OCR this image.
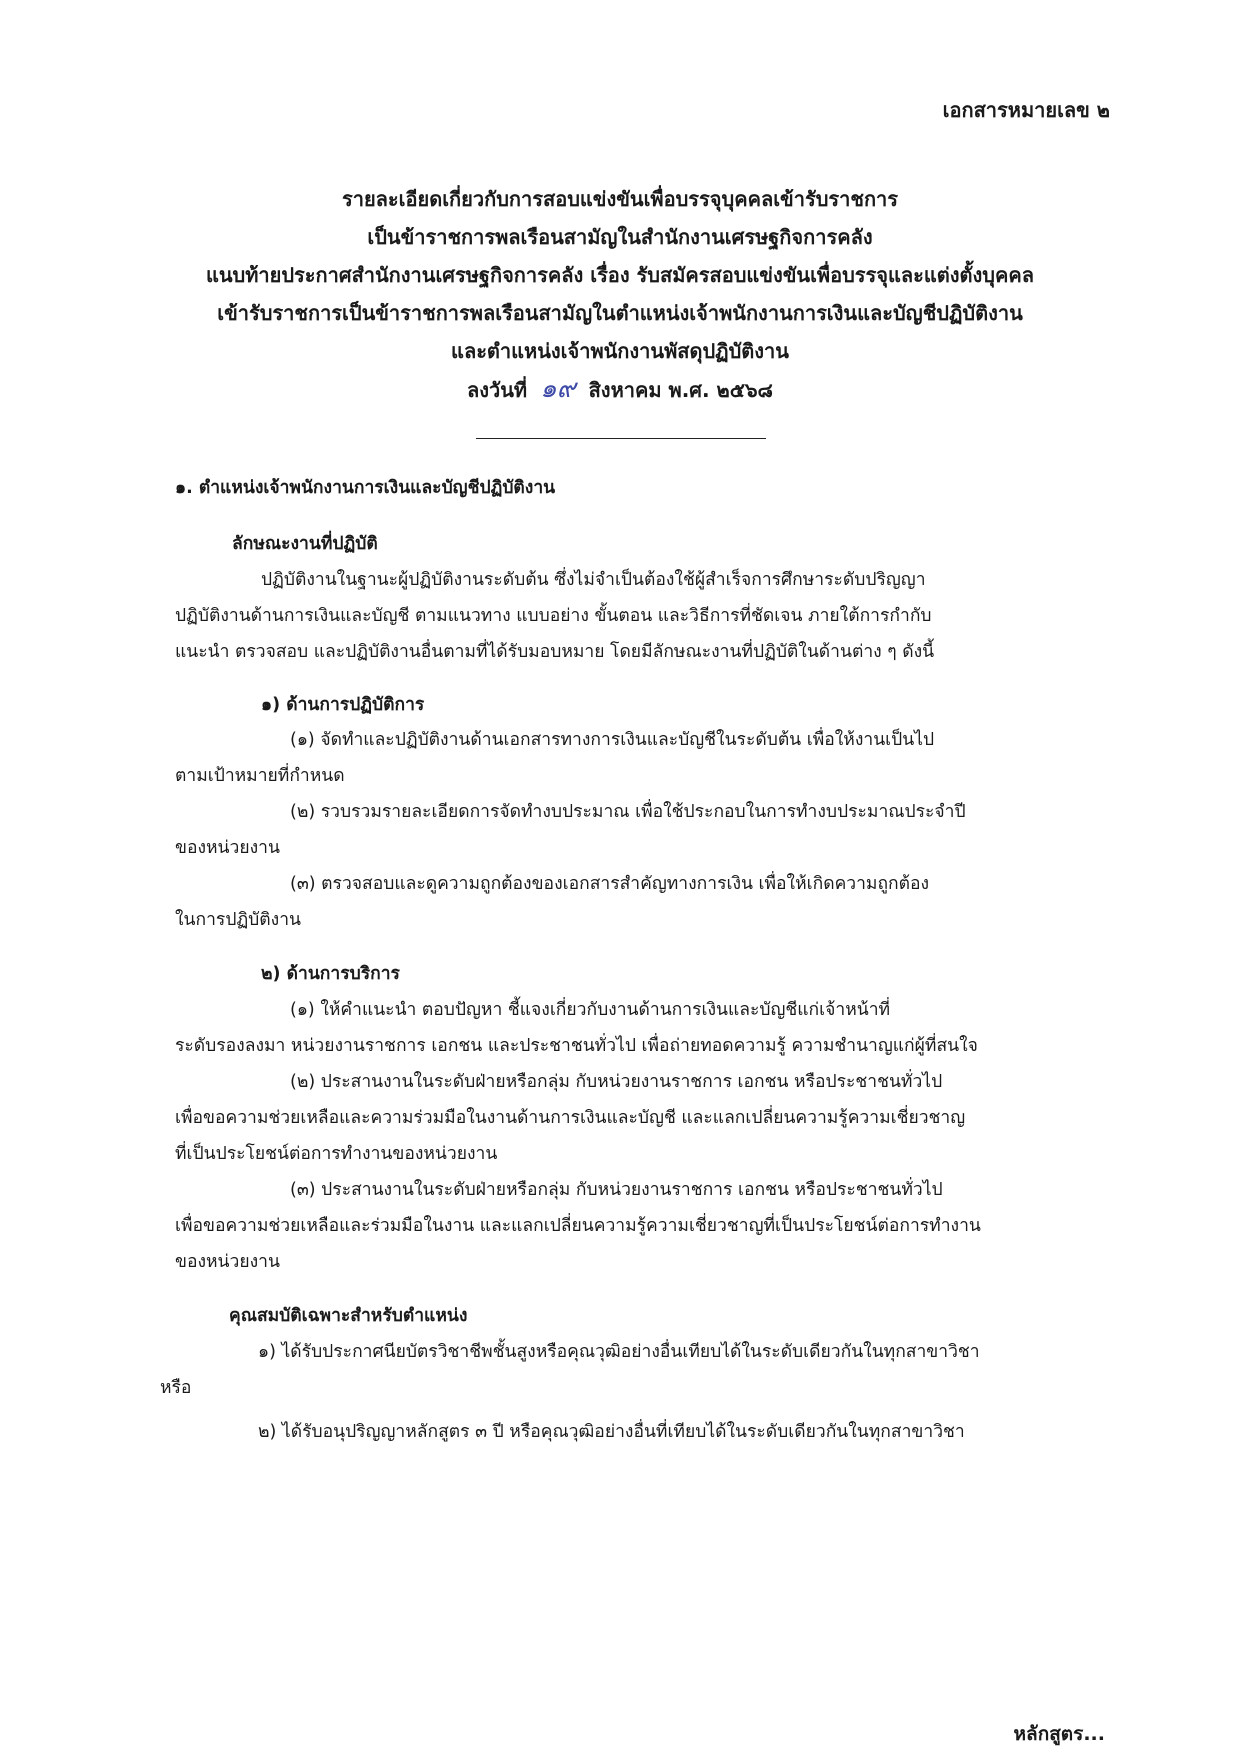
เอกสารหมายเลข ๒
รายละเอียดเกี่ยวกับการสอบแข่งขันเพื่อบรรจุบุคคลเข้ารับราชการ
เป็นข้าราชการพลเรือนสามัญในสำนักงานเศรษฐกิจการคลัง
แนบท้ายประกาศสำนักงานเศรษฐกิจการคลัง เรื่อง รับสมัครสอบแข่งขันเพื่อบรรจุและแต่งตั้งบุคคล
เข้ารับราชการเป็นข้าราชการพลเรือนสามัญในตำแหน่งเจ้าพนักงานการเงินและบัญชีปฏิบัติงาน
และตำแหน่งเจ้าพนักงานพัสดุปฏิบัติงาน
ลงวันที่ ๑๙ สิงหาคม พ.ศ. ๒๕๖๘
๑. ตำแหน่งเจ้าพนักงานการเงินและบัญชีปฏิบัติงาน
ลักษณะงานที่ปฏิบัติ
ปฏิบัติงานในฐานะผู้ปฏิบัติงานระดับต้น ซึ่งไม่จำเป็นต้องใช้ผู้สำเร็จการศึกษาระดับปริญญา
ปฏิบัติงานด้านการเงินและบัญชี ตามแนวทาง แบบอย่าง ขั้นตอน และวิธีการที่ชัดเจน ภายใต้การกำกับ
แนะนำ ตรวจสอบ และปฏิบัติงานอื่นตามที่ได้รับมอบหมาย โดยมีลักษณะงานที่ปฏิบัติในด้านต่าง ๆ ดังนี้
๑) ด้านการปฏิบัติการ
(๑) จัดทำและปฏิบัติงานด้านเอกสารทางการเงินและบัญชีในระดับต้น เพื่อให้งานเป็นไป
ตามเป้าหมายที่กำหนด
(๒) รวบรวมรายละเอียดการจัดทำงบประมาณ เพื่อใช้ประกอบในการทำงบประมาณประจำปี
ของหน่วยงาน
(๓) ตรวจสอบและดูความถูกต้องของเอกสารสำคัญทางการเงิน เพื่อให้เกิดความถูกต้อง
ในการปฏิบัติงาน
๒) ด้านการบริการ
(๑) ให้คำแนะนำ ตอบปัญหา ชี้แจงเกี่ยวกับงานด้านการเงินและบัญชีแก่เจ้าหน้าที่
ระดับรองลงมา หน่วยงานราชการ เอกชน และประชาชนทั่วไป เพื่อถ่ายทอดความรู้ ความชำนาญแก่ผู้ที่สนใจ
(๒) ประสานงานในระดับฝ่ายหรือกลุ่ม กับหน่วยงานราชการ เอกชน หรือประชาชนทั่วไป
เพื่อขอความช่วยเหลือและความร่วมมือในงานด้านการเงินและบัญชี และแลกเปลี่ยนความรู้ความเชี่ยวชาญ
ที่เป็นประโยชน์ต่อการทำงานของหน่วยงาน
(๓) ประสานงานในระดับฝ่ายหรือกลุ่ม กับหน่วยงานราชการ เอกชน หรือประชาชนทั่วไป
เพื่อขอความช่วยเหลือและร่วมมือในงาน และแลกเปลี่ยนความรู้ความเชี่ยวชาญที่เป็นประโยชน์ต่อการทำงาน
ของหน่วยงาน
คุณสมบัติเฉพาะสำหรับตำแหน่ง
๑) ได้รับประกาศนียบัตรวิชาชีพชั้นสูงหรือคุณวุฒิอย่างอื่นเทียบได้ในระดับเดียวกันในทุกสาขาวิชา
หรือ
๒) ได้รับอนุปริญญาหลักสูตร ๓ ปี หรือคุณวุฒิอย่างอื่นที่เทียบได้ในระดับเดียวกันในทุกสาขาวิชา
หลักสูตร...
